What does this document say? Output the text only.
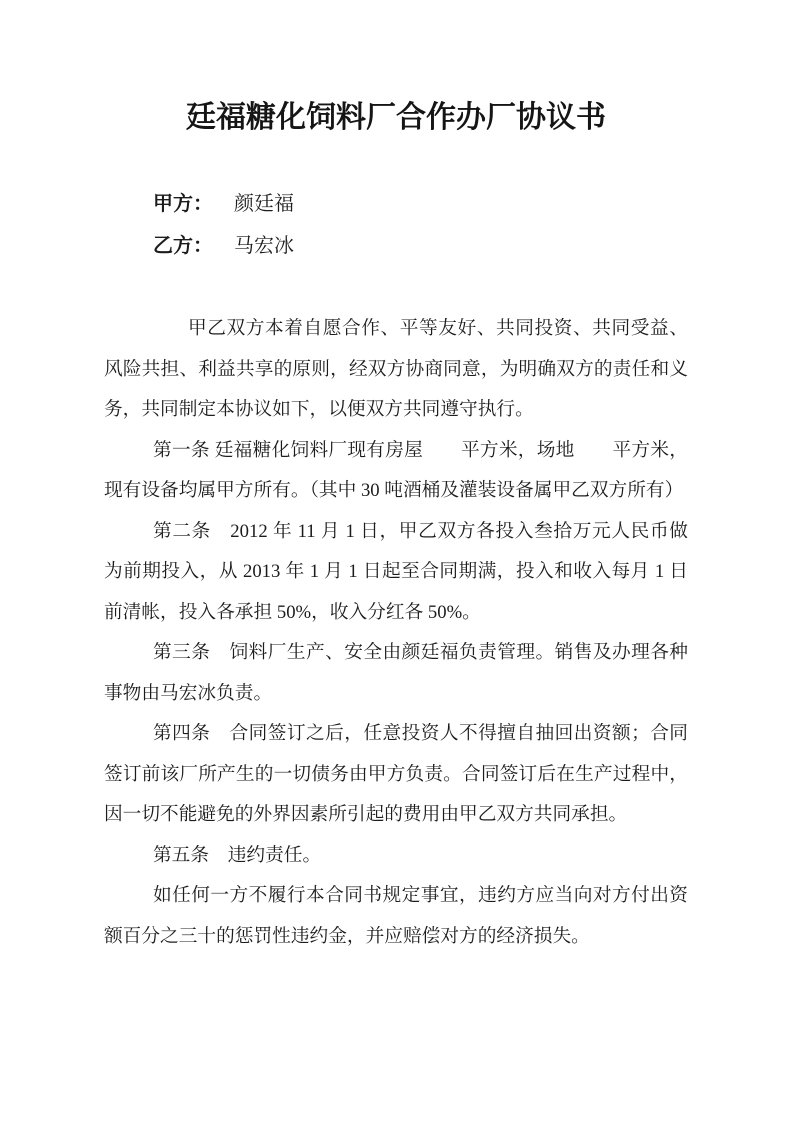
廷福糖化饲料厂合作办厂协议书

甲方： 颜廷福

乙方： 马宏冰

甲乙双方本着自愿合作、平等友好、共同投资、共同受益、风险共担、利益共享的原则，经双方协商同意，为明确双方的责任和义务，共同制定本协议如下，以便双方共同遵守执行。

第一条 廷福糖化饲料厂现有房屋　　平方米，场地　　平方米，现有设备均属甲方所有。（其中 30 吨酒桶及灌装设备属甲乙双方所有）

第二条　2012 年 11 月 1 日，甲乙双方各投入叁拾万元人民币做为前期投入，从 2013 年 1 月 1 日起至合同期满，投入和收入每月 1 日前清帐，投入各承担 50%，收入分红各 50%。

第三条　饲料厂生产、安全由颜廷福负责管理。销售及办理各种事物由马宏冰负责。

第四条　合同签订之后，任意投资人不得擅自抽回出资额；合同签订前该厂所产生的一切债务由甲方负责。合同签订后在生产过程中，因一切不能避免的外界因素所引起的费用由甲乙双方共同承担。

第五条　违约责任。

如任何一方不履行本合同书规定事宜，违约方应当向对方付出资额百分之三十的惩罚性违约金，并应赔偿对方的经济损失。
